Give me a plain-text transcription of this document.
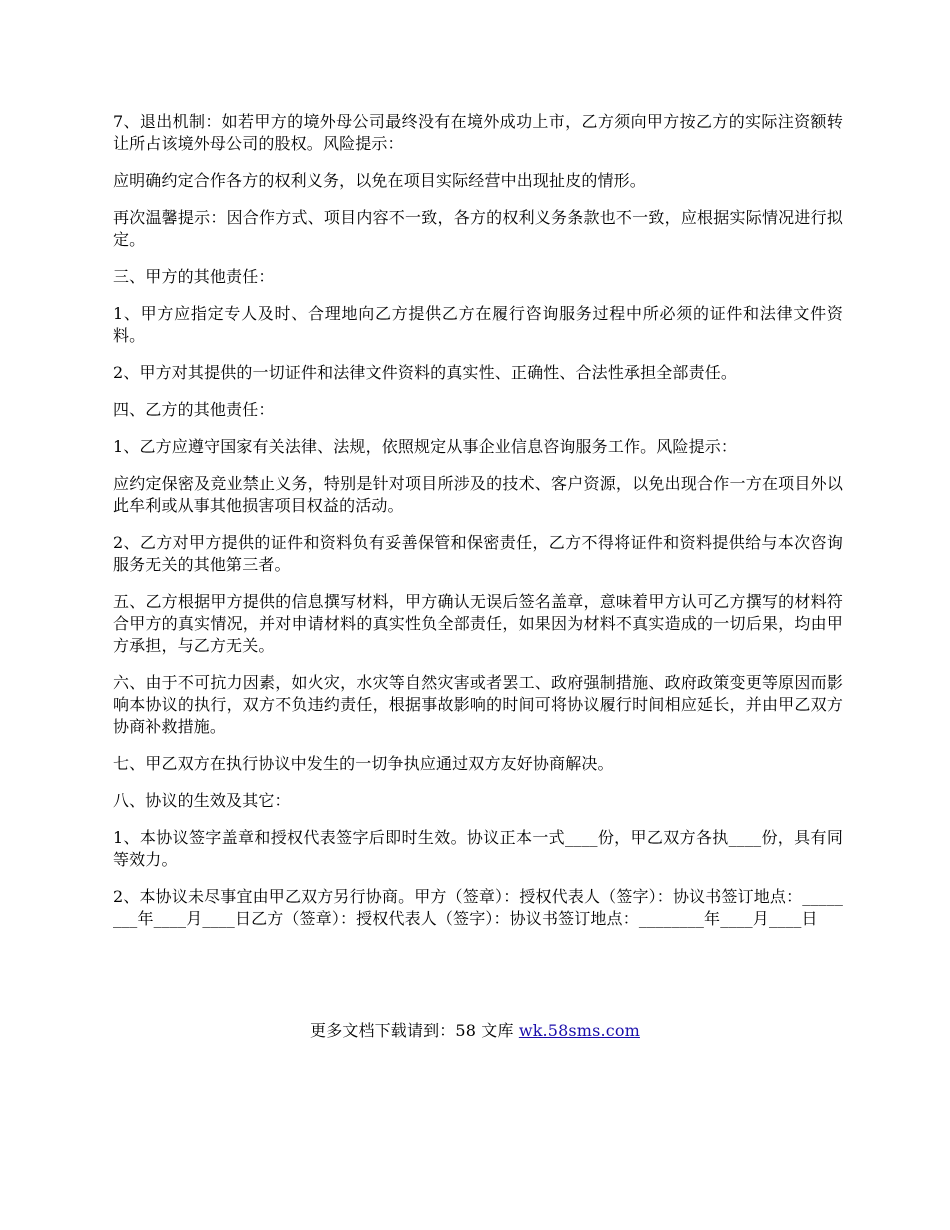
7、退出机制：如若甲方的境外母公司最终没有在境外成功上市，乙方须向甲方按乙方的实际注资额转让所占该境外母公司的股权。风险提示：

应明确约定合作各方的权利义务，以免在项目实际经营中出现扯皮的情形。

再次温馨提示：因合作方式、项目内容不一致，各方的权利义务条款也不一致，应根据实际情况进行拟定。

三、甲方的其他责任：

1、甲方应指定专人及时、合理地向乙方提供乙方在履行咨询服务过程中所必须的证件和法律文件资料。

2、甲方对其提供的一切证件和法律文件资料的真实性、正确性、合法性承担全部责任。

四、乙方的其他责任：

1、乙方应遵守国家有关法律、法规，依照规定从事企业信息咨询服务工作。风险提示：

应约定保密及竞业禁止义务，特别是针对项目所涉及的技术、客户资源，以免出现合作一方在项目外以此牟利或从事其他损害项目权益的活动。

2、乙方对甲方提供的证件和资料负有妥善保管和保密责任，乙方不得将证件和资料提供给与本次咨询服务无关的其他第三者。

五、乙方根据甲方提供的信息撰写材料，甲方确认无误后签名盖章，意味着甲方认可乙方撰写的材料符合甲方的真实情况，并对申请材料的真实性负全部责任，如果因为材料不真实造成的一切后果，均由甲方承担，与乙方无关。

六、由于不可抗力因素，如火灾，水灾等自然灾害或者罢工、政府强制措施、政府政策变更等原因而影响本协议的执行，双方不负违约责任，根据事故影响的时间可将协议履行时间相应延长，并由甲乙双方协商补救措施。

七、甲乙双方在执行协议中发生的一切争执应通过双方友好协商解决。

八、协议的生效及其它：

1、本协议签字盖章和授权代表签字后即时生效。协议正本一式____份，甲乙双方各执____份，具有同等效力。

2、本协议未尽事宜由甲乙双方另行协商。甲方（签章）：授权代表人（签字）：协议书签订地点：________年____月____日乙方（签章）：授权代表人（签字）：协议书签订地点：________年____月____日

更多文档下载请到：58 文库 wk.58sms.com
